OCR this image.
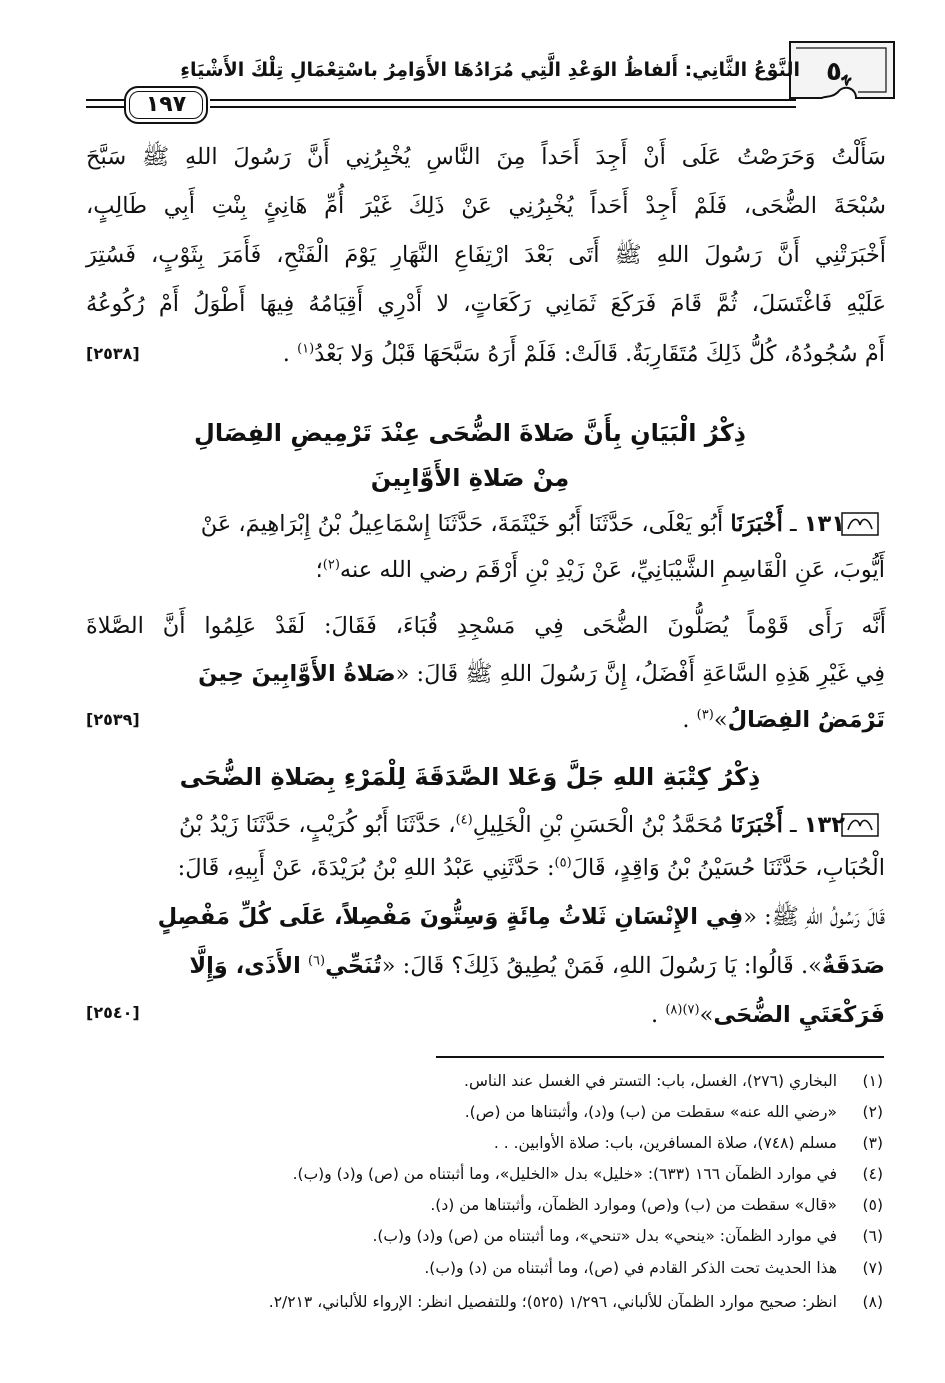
ﮩ٥
النَّوْعُ الثَّانِي: أَلفاظُ الوَعْدِ الَّتِي مُرَادُهَا الأَوَامِرُ باسْتِعْمَالِ تِلْكَ الأَشْيَاءِ
١٩٧
سَأَلْتُ وَحَرَصْتُ عَلَى أَنْ أَجِدَ أَحَداً مِنَ النَّاسِ يُخْبِرُنِي أَنَّ رَسُولَ اللهِ ﷺ سَبَّحَ
سُبْحَةَ الضُّحَى، فَلَمْ أَجِدْ أَحَداً يُخْبِرُنِي عَنْ ذَلِكَ غَيْرَ أُمِّ هَانِئٍ بِنْتِ أَبِي طَالِبٍ،
أَخْبَرَتْنِي أَنَّ رَسُولَ اللهِ ﷺ أَتَى بَعْدَ ارْتِفَاعِ النَّهَارِ يَوْمَ الْفَتْحِ، فَأَمَرَ بِثَوْبٍ، فَسُتِرَ
عَلَيْهِ فَاغْتَسَلَ، ثُمَّ قَامَ فَرَكَعَ ثَمَانِي رَكَعَاتٍ، لا أَدْرِي أَقِيَامُهُ فِيهَا أَطْوَلُ أَمْ رُكُوعُهُ
أَمْ سُجُودُهُ، كُلُّ ذَلِكَ مُتَقَارِبَةٌ. قَالَتْ: فَلَمْ أَرَهُ سَبَّحَهَا قَبْلُ وَلا بَعْدُ$^{(١)}$ .
[٢٥٣٨]
ذِكْرُ الْبَيَانِ بِأَنَّ صَلاةَ الضُّحَى عِنْدَ تَرْمِيضِ الفِصَالِ
مِنْ صَلاةِ الأَوَّابِينَ
١٣١ ـ أَخْبَرَنَا أَبُو يَعْلَى، حَدَّثَنَا أَبُو خَيْثَمَةَ، حَدَّثَنَا إِسْمَاعِيلُ بْنُ إِبْرَاهِيمَ، عَنْ
أَيُّوبَ، عَنِ الْقَاسِمِ الشَّيْبَانِيِّ، عَنْ زَيْدِ بْنِ أَرْقَمَ رضي الله عنه$^{(٢)}$؛
أَنَّه رَأَى قَوْماً يُصَلُّونَ الضُّحَى فِي مَسْجِدِ قُبَاءَ، فَقَالَ: لَقَدْ عَلِمُوا أَنَّ الصَّلاةَ
فِي غَيْرِ هَذِهِ السَّاعَةِ أَفْضَلُ، إِنَّ رَسُولَ اللهِ ﷺ قَالَ: «صَلاةُ الأَوَّابِينَ حِينَ
تَرْمَضُ الفِصَالُ»$^{(٣)}$ .
[٢٥٣٩]
ذِكْرُ كِتْبَةِ اللهِ جَلَّ وَعَلا الصَّدَقَةَ لِلْمَرْءِ بِصَلاةِ الضُّحَى
١٣٢ ـ أَخْبَرَنَا مُحَمَّدُ بْنُ الْحَسَنِ بْنِ الْخَلِيلِ$^{(٤)}$، حَدَّثَنَا أَبُو كُرَيْبٍ، حَدَّثَنَا زَيْدُ بْنُ
الْحُبَابِ، حَدَّثَنَا حُسَيْنُ بْنُ وَاقِدٍ، قَالَ$^{(٥)}$: حَدَّثَنِي عَبْدُ اللهِ بْنُ بُرَيْدَةَ، عَنْ أَبِيهِ، قَالَ:
قَالَ رَسُولُ اللهِ ﷺ: «فِي الإِنْسَانِ ثَلاثُ مِائَةٍ وَسِتُّونَ مَفْصِلاً، عَلَى كُلِّ مَفْصِلٍ
صَدَقَةٌ». قَالُوا: يَا رَسُولَ اللهِ، فَمَنْ يُطِيقُ ذَلِكَ؟ قَالَ: «تُنَحِّي$^{(٦)}$ الأَذَى، وَإِلَّا
فَرَكْعَتَيِ الضُّحَى»$^{(٧)(٨)}$ .
[٢٥٤٠]
(١)البخاري (٢٧٦)، الغسل، باب: التستر في الغسل عند الناس.
(٢)«رضي الله عنه» سقطت من (ب) و(د)، وأثبتناها من (ص).
(٣)مسلم (٧٤٨)، صلاة المسافرين، باب: صلاة الأوابين. . .
(٤)في موارد الظمآن ١٦٦ (٦٣٣): «خليل» بدل «الخليل»، وما أثبتناه من (ص) و(د) و(ب).
(٥)«قال» سقطت من (ب) و(ص) وموارد الظمآن، وأثبتناها من (د).
(٦)في موارد الظمآن: «ينحي» بدل «تنحي»، وما أثبتناه من (ص) و(د) و(ب).
(٧)هذا الحديث تحت الذكر القادم في (ص)، وما أثبتناه من (د) و(ب).
(٨)انظر: صحيح موارد الظمآن للألباني، ١/٢٩٦ (٥٢٥)؛ وللتفصيل انظر: الإرواء للألباني، ٢/٢١٣.
